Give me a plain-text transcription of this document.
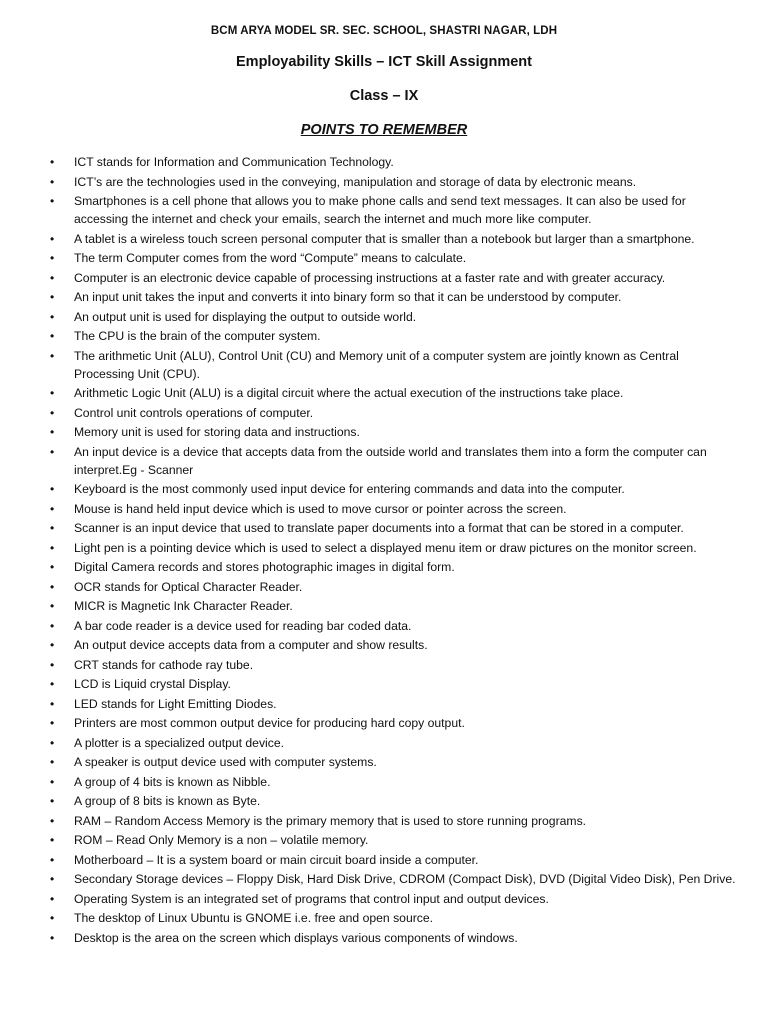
BCM ARYA MODEL SR. SEC. SCHOOL, SHASTRI NAGAR, LDH
Employability Skills – ICT Skill Assignment
Class – IX
POINTS TO REMEMBER
• ICT stands for Information and Communication Technology.
• ICT’s are the technologies used in the conveying, manipulation and storage of data by electronic means.
• Smartphones is a cell phone that allows you to make phone calls and send text messages. It can also be used for accessing the internet and check your emails, search the internet and much more like computer.
• A tablet is a wireless touch screen personal computer that is smaller than a notebook but larger than a smartphone.
• The term Computer comes from the word “Compute” means to calculate.
• Computer is an electronic device capable of processing instructions at a faster rate and with greater accuracy.
• An input unit takes the input and converts it into binary form so that it can be understood by computer.
• An output unit is used for displaying the output to outside world.
• The CPU is the brain of the computer system.
• The arithmetic Unit (ALU), Control Unit (CU) and Memory unit of a computer system are jointly known as Central Processing Unit (CPU).
• Arithmetic Logic Unit (ALU) is a digital circuit where the actual execution of the instructions take place.
• Control unit controls operations of computer.
• Memory unit is used for storing data and instructions.
• An input device is a device that accepts data from the outside world and translates them into a form the computer can interpret.Eg - Scanner
• Keyboard is the most commonly used input device for entering commands and data into the computer.
• Mouse is hand held input device which is used to move cursor or pointer across the screen.
• Scanner is an input device that used to translate paper documents into a format that can be stored in a computer.
• Light pen is a pointing device which is used to select a displayed menu item or draw pictures on the monitor screen.
• Digital Camera records and stores photographic images in digital form.
• OCR stands for Optical Character Reader.
• MICR is Magnetic Ink Character Reader.
• A bar code reader is a device used for reading bar coded data.
• An output device accepts data from a computer and show results.
• CRT stands for cathode ray tube.
• LCD is Liquid crystal Display.
• LED stands for Light Emitting Diodes.
• Printers are most common output device for producing hard copy output.
• A plotter is a specialized output device.
• A speaker is output device used with computer systems.
• A group of 4 bits is known as Nibble.
• A group of 8 bits is known as Byte.
• RAM – Random Access Memory is the primary memory that is used to store running programs.
• ROM – Read Only Memory is a non – volatile memory.
• Motherboard – It is a system board or main circuit board inside a computer.
• Secondary Storage devices – Floppy Disk, Hard Disk Drive, CDROM (Compact Disk), DVD (Digital Video Disk), Pen Drive.
• Operating System is an integrated set of programs that control input and output devices.
• The desktop of Linux Ubuntu is GNOME i.e. free and open source.
• Desktop is the area on the screen which displays various components of windows.
